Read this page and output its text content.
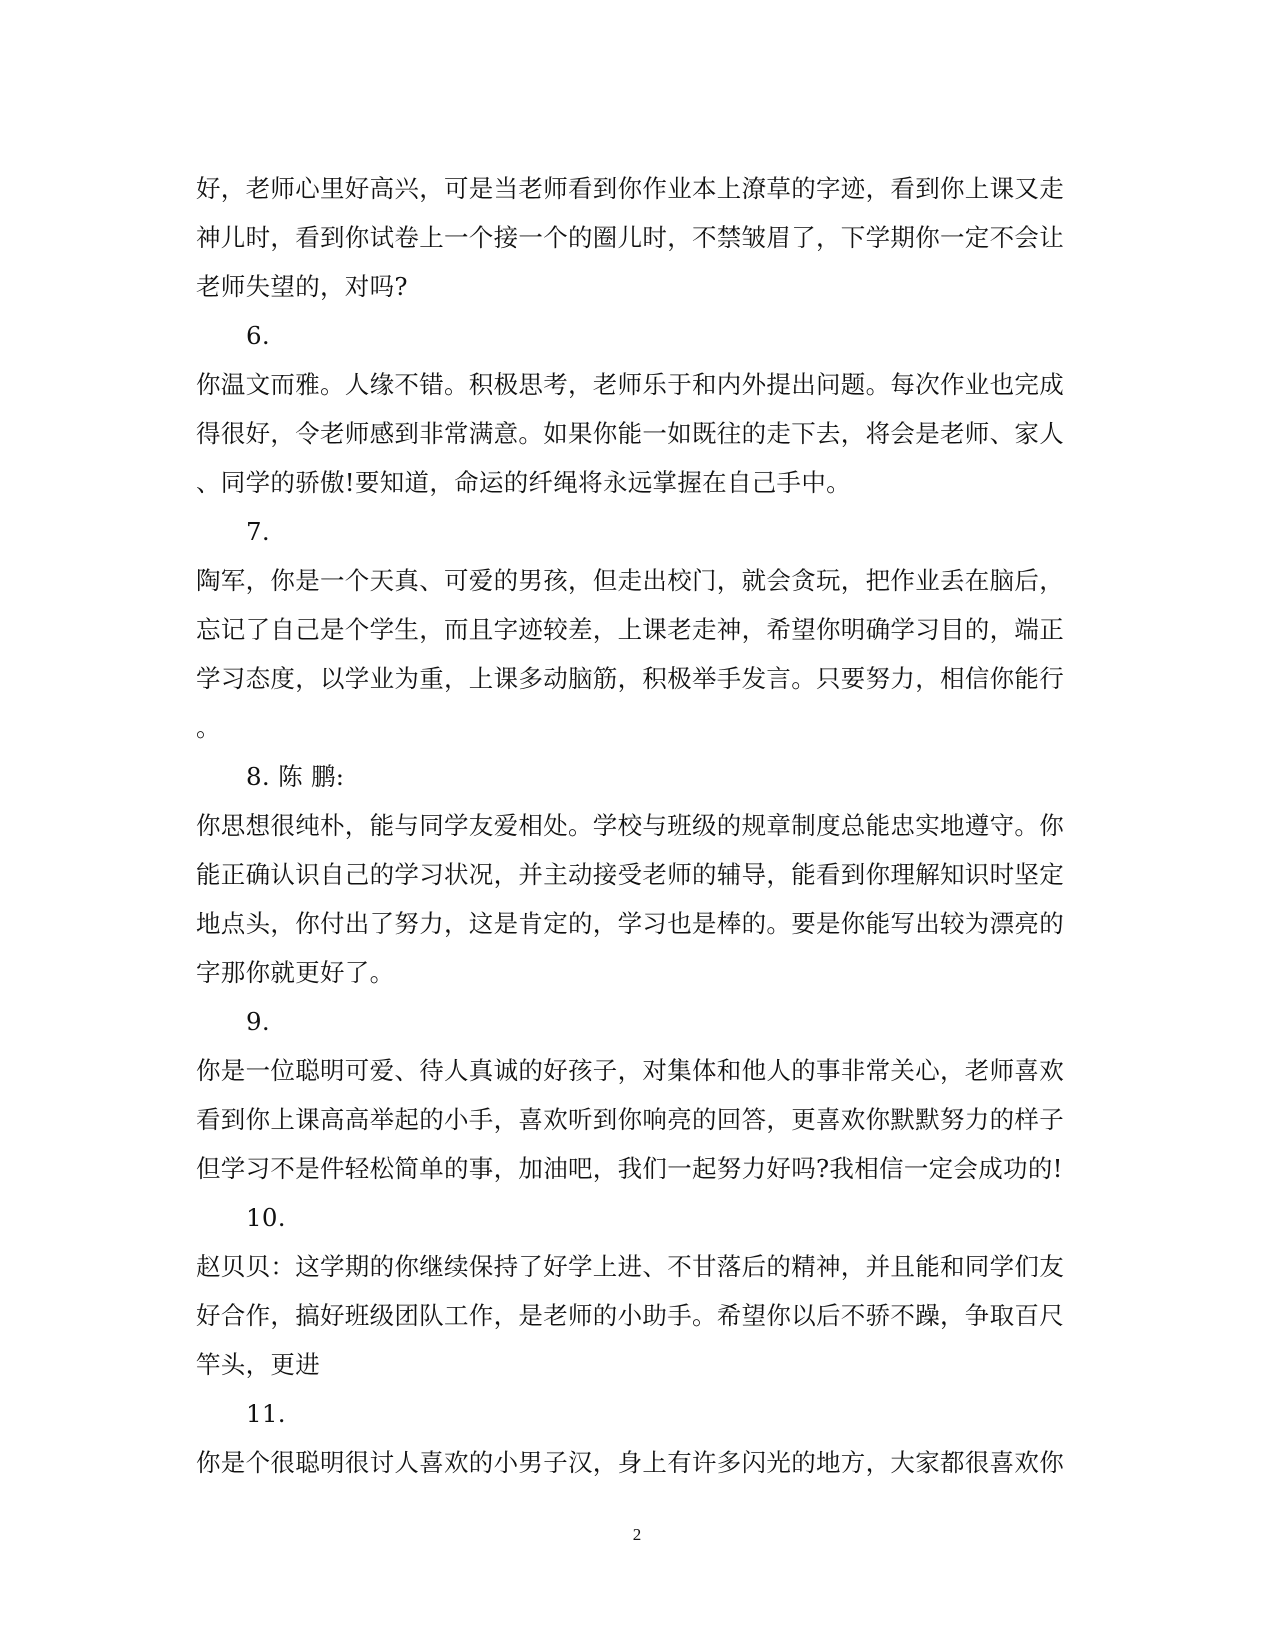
好，老师心里好高兴，可是当老师看到你作业本上潦草的字迹，看到你上课又走
神儿时，看到你试卷上一个接一个的圈儿时，不禁皱眉了，下学期你一定不会让
老师失望的，对吗?
6.
你温文而雅。人缘不错。积极思考，老师乐于和内外提出问题。每次作业也完成
得很好，令老师感到非常满意。如果你能一如既往的走下去，将会是老师、家人
、同学的骄傲!要知道，命运的纤绳将永远掌握在自己手中。
7.
陶军，你是一个天真、可爱的男孩，但走出校门，就会贪玩，把作业丢在脑后，
忘记了自己是个学生，而且字迹较差，上课老走神，希望你明确学习目的，端正
学习态度，以学业为重，上课多动脑筋，积极举手发言。只要努力，相信你能行
。
8. 陈 鹏:
你思想很纯朴，能与同学友爱相处。学校与班级的规章制度总能忠实地遵守。你
能正确认识自己的学习状况，并主动接受老师的辅导，能看到你理解知识时坚定
地点头，你付出了努力，这是肯定的，学习也是棒的。要是你能写出较为漂亮的
字那你就更好了。
9.
你是一位聪明可爱、待人真诚的好孩子，对集体和他人的事非常关心，老师喜欢
看到你上课高高举起的小手，喜欢听到你响亮的回答，更喜欢你默默努力的样子
但学习不是件轻松简单的事，加油吧，我们一起努力好吗?我相信一定会成功的!
10.
赵贝贝：这学期的你继续保持了好学上进、不甘落后的精神，并且能和同学们友
好合作，搞好班级团队工作，是老师的小助手。希望你以后不骄不躁，争取百尺
竿头，更进
11.
你是个很聪明很讨人喜欢的小男子汉，身上有许多闪光的地方，大家都很喜欢你
2
